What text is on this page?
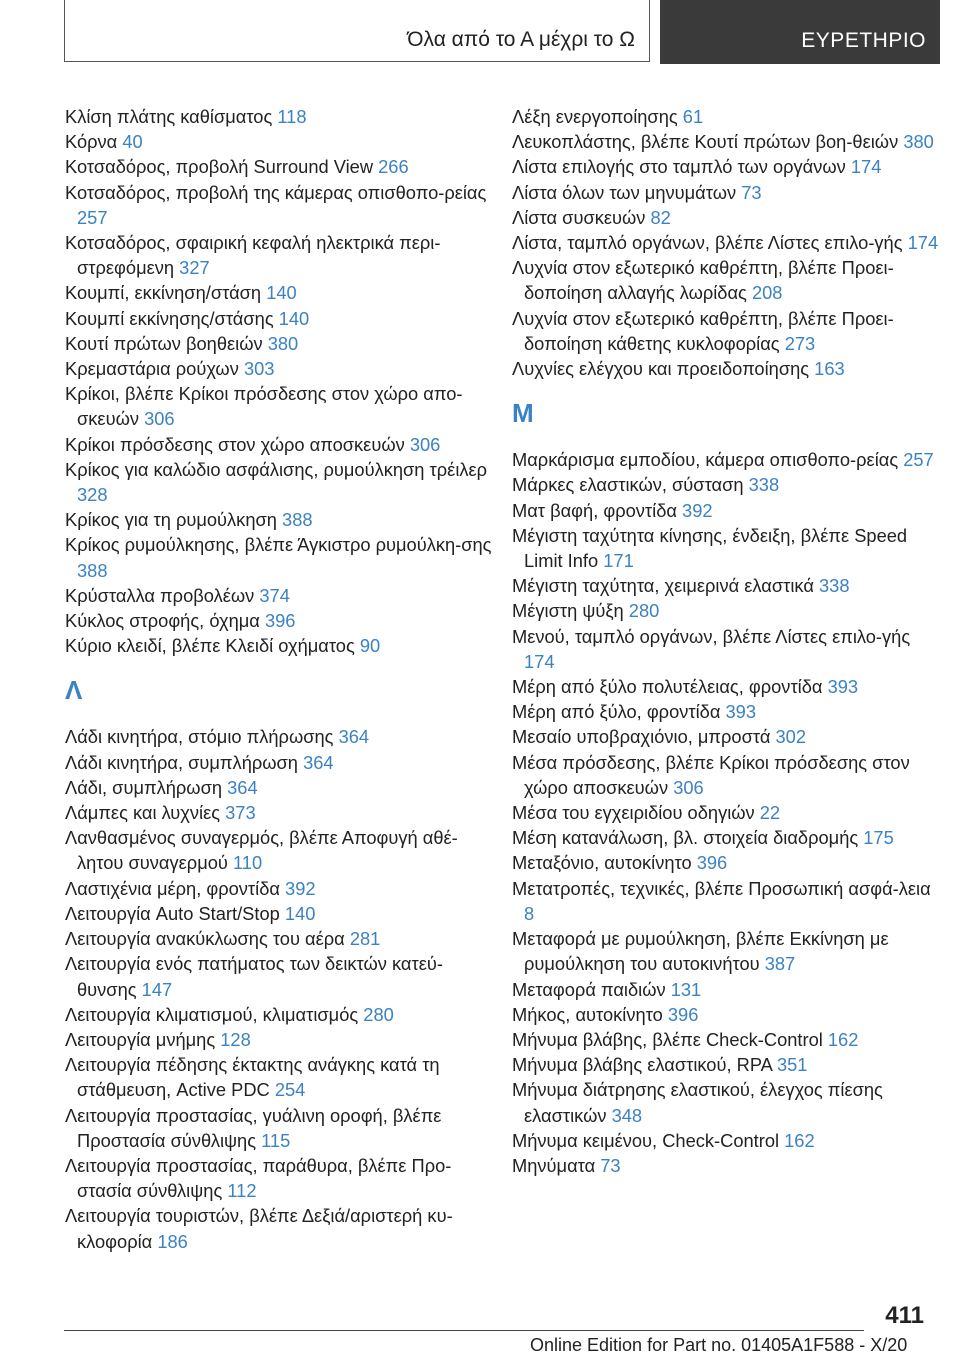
Όλα από το Α μέχρι το Ω	ΕΥΡΕΤΗΡΙΟ

Κλίση πλάτης καθίσματος 118

Κόρνα 40

Κοτσαδόρος, προβολή Surround View 266

Κοτσαδόρος, προβολή της κάμερας οπισθοπο‐ρείας 257

Κοτσαδόρος, σφαιρική κεφαλή ηλεκτρικά περι‐στρεφόμενη 327

Κουμπί, εκκίνηση/στάση 140

Κουμπί εκκίνησης/στάσης 140

Κουτί πρώτων βοηθειών 380

Κρεμαστάρια ρούχων 303

Κρίκοι, βλέπε Κρίκοι πρόσδεσης στον χώρο απο‐σκευών 306

Κρίκοι πρόσδεσης στον χώρο αποσκευών 306

Κρίκος για καλώδιο ασφάλισης, ρυμούλκηση τρέιλερ 328

Κρίκος για τη ρυμούλκηση 388

Κρίκος ρυμούλκησης, βλέπε Άγκιστρο ρυμούλκη‐σης 388

Κρύσταλλα προβολέων 374

Κύκλος στροφής, όχημα 396

Κύριο κλειδί, βλέπε Κλειδί οχήματος 90

Λ

Λάδι κινητήρα, στόμιο πλήρωσης 364

Λάδι κινητήρα, συμπλήρωση 364

Λάδι, συμπλήρωση 364

Λάμπες και λυχνίες 373

Λανθασμένος συναγερμός, βλέπε Αποφυγή αθέ‐λητου συναγερμού 110

Λαστιχένια μέρη, φροντίδα 392

Λειτουργία Auto Start/Stop 140

Λειτουργία ανακύκλωσης του αέρα 281

Λειτουργία ενός πατήματος των δεικτών κατεύ‐θυνσης 147

Λειτουργία κλιματισμού, κλιματισμός 280

Λειτουργία μνήμης 128

Λειτουργία πέδησης έκτακτης ανάγκης κατά τη στάθμευση, Active PDC 254

Λειτουργία προστασίας, γυάλινη οροφή, βλέπε Προστασία σύνθλιψης 115

Λειτουργία προστασίας, παράθυρα, βλέπε Προ‐στασία σύνθλιψης 112

Λειτουργία τουριστών, βλέπε Δεξιά/αριστερή κυ‐κλοφορία 186

Λέξη ενεργοποίησης 61

Λευκοπλάστης, βλέπε Κουτί πρώτων βοη‐θειών 380

Λίστα επιλογής στο ταμπλό των οργάνων 174

Λίστα όλων των μηνυμάτων 73

Λίστα συσκευών 82

Λίστα, ταμπλό οργάνων, βλέπε Λίστες επιλο‐γής 174

Λυχνία στον εξωτερικό καθρέπτη, βλέπε Προει‐δοποίηση αλλαγής λωρίδας 208

Λυχνία στον εξωτερικό καθρέπτη, βλέπε Προει‐δοποίηση κάθετης κυκλοφορίας 273

Λυχνίες ελέγχου και προειδοποίησης 163

Μ

Μαρκάρισμα εμποδίου, κάμερα οπισθοπο‐ρείας 257

Μάρκες ελαστικών, σύσταση 338

Ματ βαφή, φροντίδα 392

Μέγιστη ταχύτητα κίνησης, ένδειξη, βλέπε Speed Limit Info 171

Μέγιστη ταχύτητα, χειμερινά ελαστικά 338

Μέγιστη ψύξη 280

Μενού, ταμπλό οργάνων, βλέπε Λίστες επιλο‐γής 174

Μέρη από ξύλο πολυτέλειας, φροντίδα 393

Μέρη από ξύλο, φροντίδα 393

Μεσαίο υποβραχιόνιο, μπροστά 302

Μέσα πρόσδεσης, βλέπε Κρίκοι πρόσδεσης στον χώρο αποσκευών 306

Μέσα του εγχειριδίου οδηγιών 22

Μέση κατανάλωση, βλ. στοιχεία διαδρομής 175

Μεταξόνιο, αυτοκίνητο 396

Μετατροπές, τεχνικές, βλέπε Προσωπική ασφά‐λεια 8

Μεταφορά με ρυμούλκηση, βλέπε Εκκίνηση με ρυμούλκηση του αυτοκινήτου 387

Μεταφορά παιδιών 131

Μήκος, αυτοκίνητο 396

Μήνυμα βλάβης, βλέπε Check-Control 162

Μήνυμα βλάβης ελαστικού, RPA 351

Μήνυμα διάτρησης ελαστικού, έλεγχος πίεσης ελαστικών 348

Μήνυμα κειμένου, Check-Control 162

Μηνύματα 73

411
Online Edition for Part no. 01405A1F588 - X/20
